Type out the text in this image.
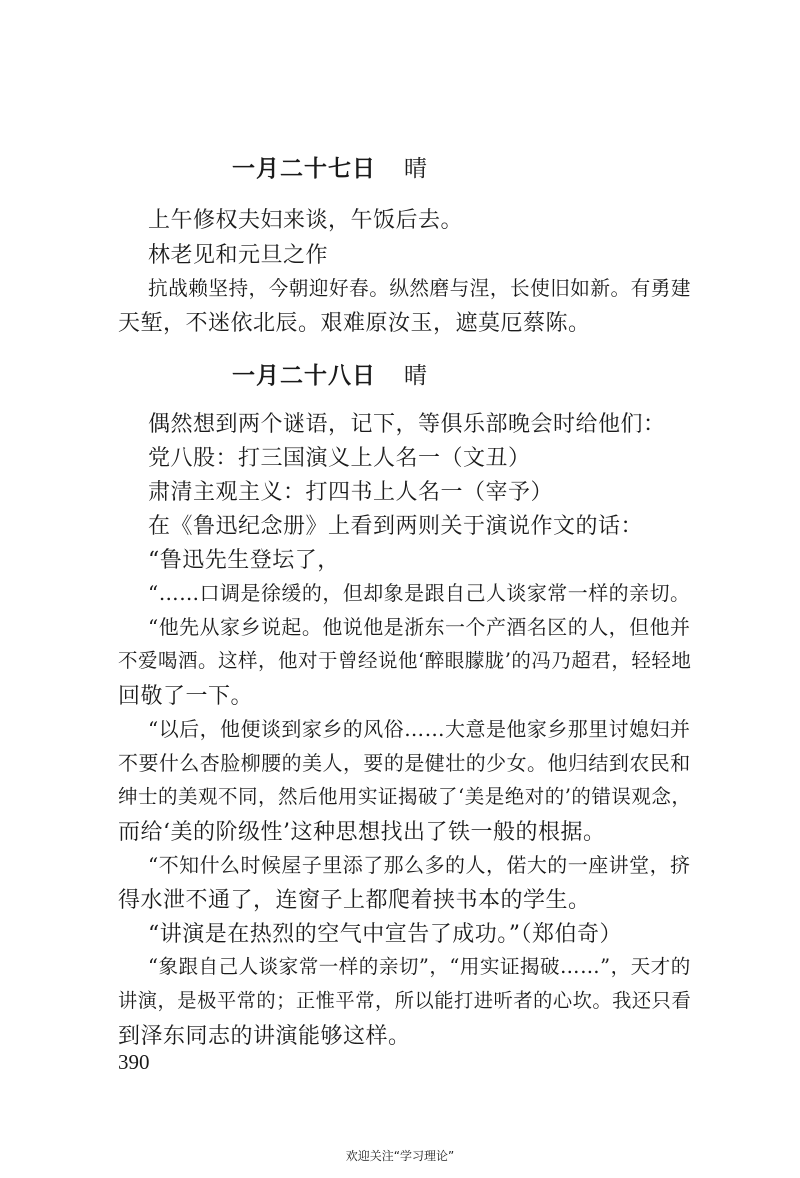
一月二十七日 晴
上午修权夫妇来谈，午饭后去。
林老见和元旦之作
抗战赖坚持，今朝迎好春。纵然磨与涅，长使旧如新。有勇建
天堑，不迷依北辰。艰难原汝玉，遮莫厄蔡陈。
一月二十八日 晴
偶然想到两个谜语，记下，等俱乐部晚会时给他们：
党八股：打三国演义上人名一（文丑）
肃清主观主义：打四书上人名一（宰予）
在《鲁迅纪念册》上看到两则关于演说作文的话：
“鲁迅先生登坛了，
“……口调是徐缓的，但却象是跟自己人谈家常一样的亲切。
“他先从家乡说起。他说他是浙东一个产酒名区的人，但他并
不爱喝酒。这样，他对于曾经说他‘醉眼朦胧’的冯乃超君，轻轻地
回敬了一下。
“以后，他便谈到家乡的风俗……大意是他家乡那里讨媳妇并
不要什么杏脸柳腰的美人，要的是健壮的少女。他归结到农民和
绅士的美观不同，然后他用实证揭破了‘美是绝对的’的错误观念，
而给‘美的阶级性’这种思想找出了铁一般的根据。
“不知什么时候屋子里添了那么多的人，偌大的一座讲堂，挤
得水泄不通了，连窗子上都爬着挟书本的学生。
“讲演是在热烈的空气中宣告了成功。”（郑伯奇）
“象跟自己人谈家常一样的亲切”，“用实证揭破……”，天才的
讲演，是极平常的；正惟平常，所以能打进听者的心坎。我还只看
到泽东同志的讲演能够这样。
390
欢迎关注“学习理论”
